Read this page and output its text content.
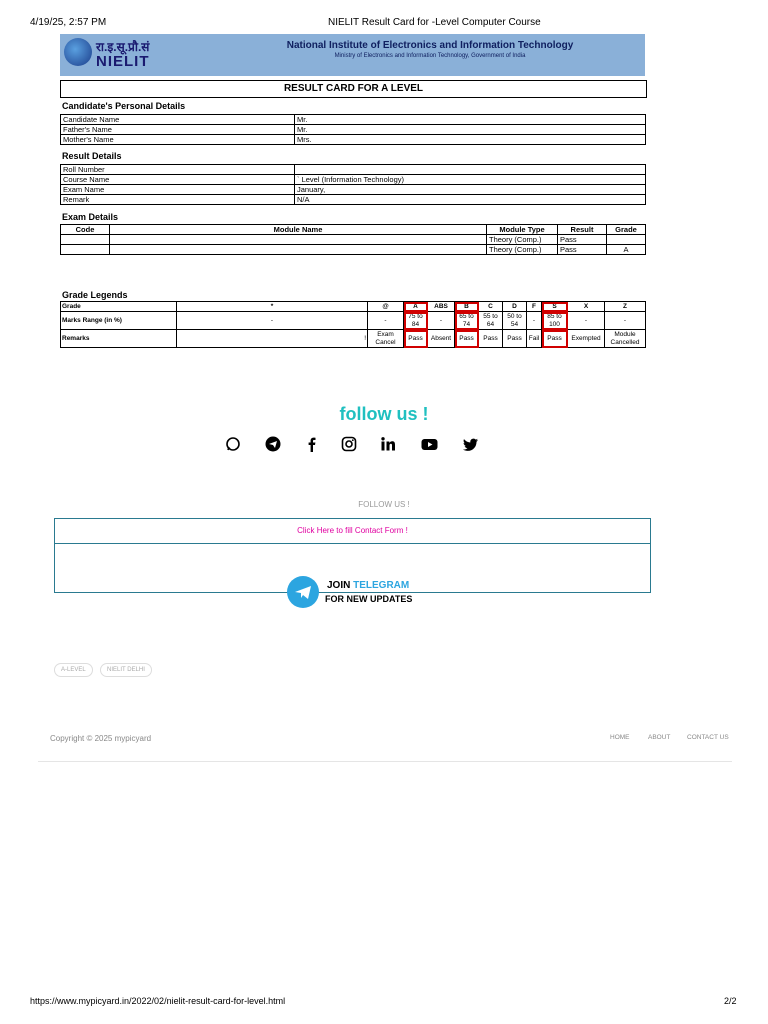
4/19/25, 2:57 PM	NIELIT Result Card for -Level Computer Course
रा.इ.सू.प्रौ.सं
NIELIT
National Institute of Electronics and Information Technology
Ministry of Electronics and Information Technology, Government of India
RESULT CARD FOR A LEVEL
Candidate's Personal Details
Candidate Name	Mr.
Father's Name	Mr.
Mother's Name	Mrs.
Result Details
Roll Number	
Course Name	` Level (Information Technology)
Exam Name	January,
Remark	N/A
Exam Details
Code	Module Name	Module Type	Result	Grade
		Theory (Comp.)	Pass	
		Theory (Comp.)	Pass	A
Grade Legends
Grade	*	@	A	ABS	B	C	D	F	S	X	Z
Marks Range (in %)	-	-	75 to 84	-	65 to 74	55 to 64	50 to 54	-	85 to 100	-	-
Remarks	!	Exam Cancel	Pass	Absent	Pass	Pass	Pass	Fail	Pass	Exempted	Module Cancelled
follow us !
FOLLOW US !
Click Here to fill Contact Form !
JOIN TELEGRAM
FOR NEW UPDATES
A-LEVEL	NIELIT DELHI
Copyright © 2025 mypicyard	HOME	ABOUT	CONTACT US
https://www.mypicyard.in/2022/02/nielit-result-card-for-level.html	2/2
